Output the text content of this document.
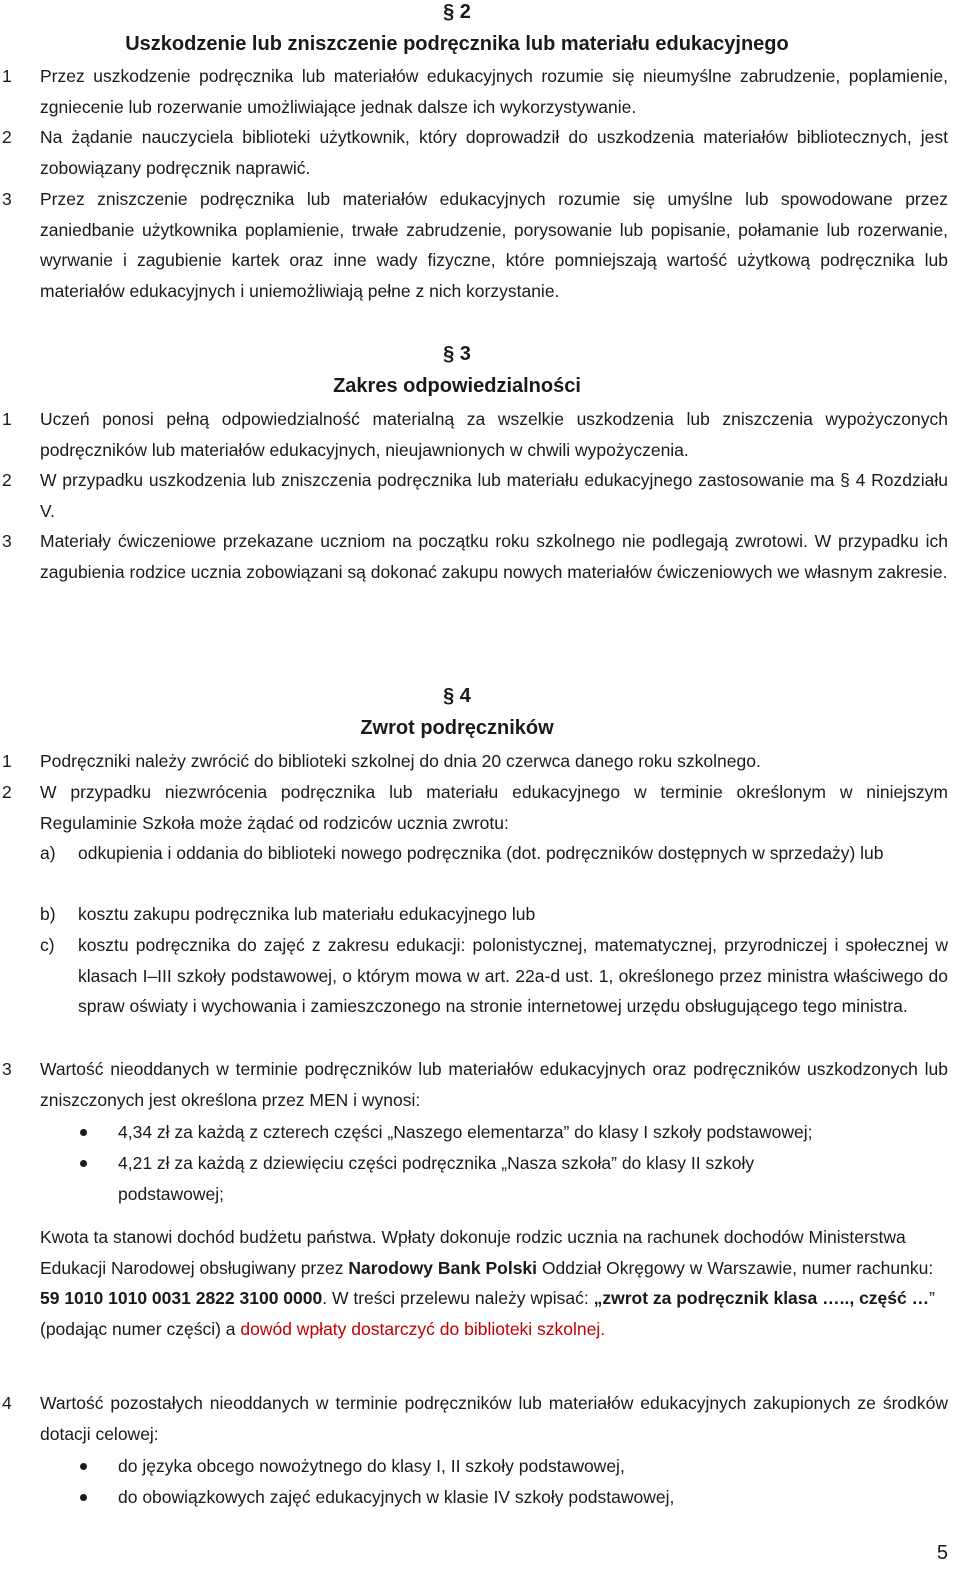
§ 2
Uszkodzenie lub zniszczenie podręcznika lub materiału edukacyjnego
1 Przez uszkodzenie podręcznika lub materiałów edukacyjnych rozumie się nieumyślne zabrudzenie, poplamienie, zgniecenie lub rozerwanie umożliwiające jednak dalsze ich wykorzystywanie.
2 Na żądanie nauczyciela biblioteki użytkownik, który doprowadził do uszkodzenia materiałów bibliotecznych, jest zobowiązany podręcznik naprawić.
3 Przez zniszczenie podręcznika lub materiałów edukacyjnych rozumie się umyślne lub spowodowane przez zaniedbanie użytkownika poplamienie, trwałe zabrudzenie, porysowanie lub popisanie, połamanie lub rozerwanie, wyrwanie i zagubienie kartek oraz inne wady fizyczne, które pomniejszają wartość użytkową podręcznika lub materiałów edukacyjnych i uniemożliwiają pełne z nich korzystanie.
§ 3
Zakres odpowiedzialności
1 Uczeń ponosi pełną odpowiedzialność materialną za wszelkie uszkodzenia lub zniszczenia wypożyczonych podręczników lub materiałów edukacyjnych, nieujawnionych w chwili wypożyczenia.
2 W przypadku uszkodzenia lub zniszczenia podręcznika lub materiału edukacyjnego zastosowanie ma § 4 Rozdziału V.
3 Materiały ćwiczeniowe przekazane uczniom na początku roku szkolnego nie podlegają zwrotowi. W przypadku ich zagubienia rodzice ucznia zobowiązani są dokonać zakupu nowych materiałów ćwiczeniowych we własnym zakresie.
§ 4
Zwrot podręczników
1 Podręczniki należy zwrócić do biblioteki szkolnej do dnia 20 czerwca danego roku szkolnego.
2 W przypadku niezwrócenia podręcznika lub materiału edukacyjnego w terminie określonym w niniejszym Regulaminie Szkoła może żądać od rodziców ucznia zwrotu:
a) odkupienia i oddania do biblioteki nowego podręcznika (dot. podręczników dostępnych w sprzedaży) lub
b) kosztu zakupu podręcznika lub materiału edukacyjnego lub
c) kosztu podręcznika do zajęć z zakresu edukacji: polonistycznej, matematycznej, przyrodniczej i społecznej w klasach I–III szkoły podstawowej, o którym mowa w art. 22a-d ust. 1, określonego przez ministra właściwego do spraw oświaty i wychowania i zamieszczonego na stronie internetowej urzędu obsługującego tego ministra.
3 Wartość nieoddanych w terminie podręczników lub materiałów edukacyjnych oraz podręczników uszkodzonych lub zniszczonych jest określona przez MEN i wynosi:
4,34 zł za każdą z czterech części „Naszego elementarza” do klasy I szkoły podstawowej;
4,21 zł za każdą z dziewięciu części podręcznika „Nasza szkoła” do klasy II szkoły podstawowej;
Kwota ta stanowi dochód budżetu państwa. Wpłaty dokonuje rodzic ucznia na rachunek dochodów Ministerstwa Edukacji Narodowej obsługiwany przez Narodowy Bank Polski Oddział Okręgowy w Warszawie, numer rachunku: 59 1010 1010 0031 2822 3100 0000. W treści przelewu należy wpisać: „zwrot za podręcznik klasa ….., część …” (podając numer części) a dowód wpłaty dostarczyć do biblioteki szkolnej.
4 Wartość pozostałych nieoddanych w terminie podręczników lub materiałów edukacyjnych zakupionych ze środków dotacji celowej:
do języka obcego nowożytnego do klasy I, II szkoły podstawowej,
do obowiązkowych zajęć edukacyjnych w klasie IV szkoły podstawowej,
5
